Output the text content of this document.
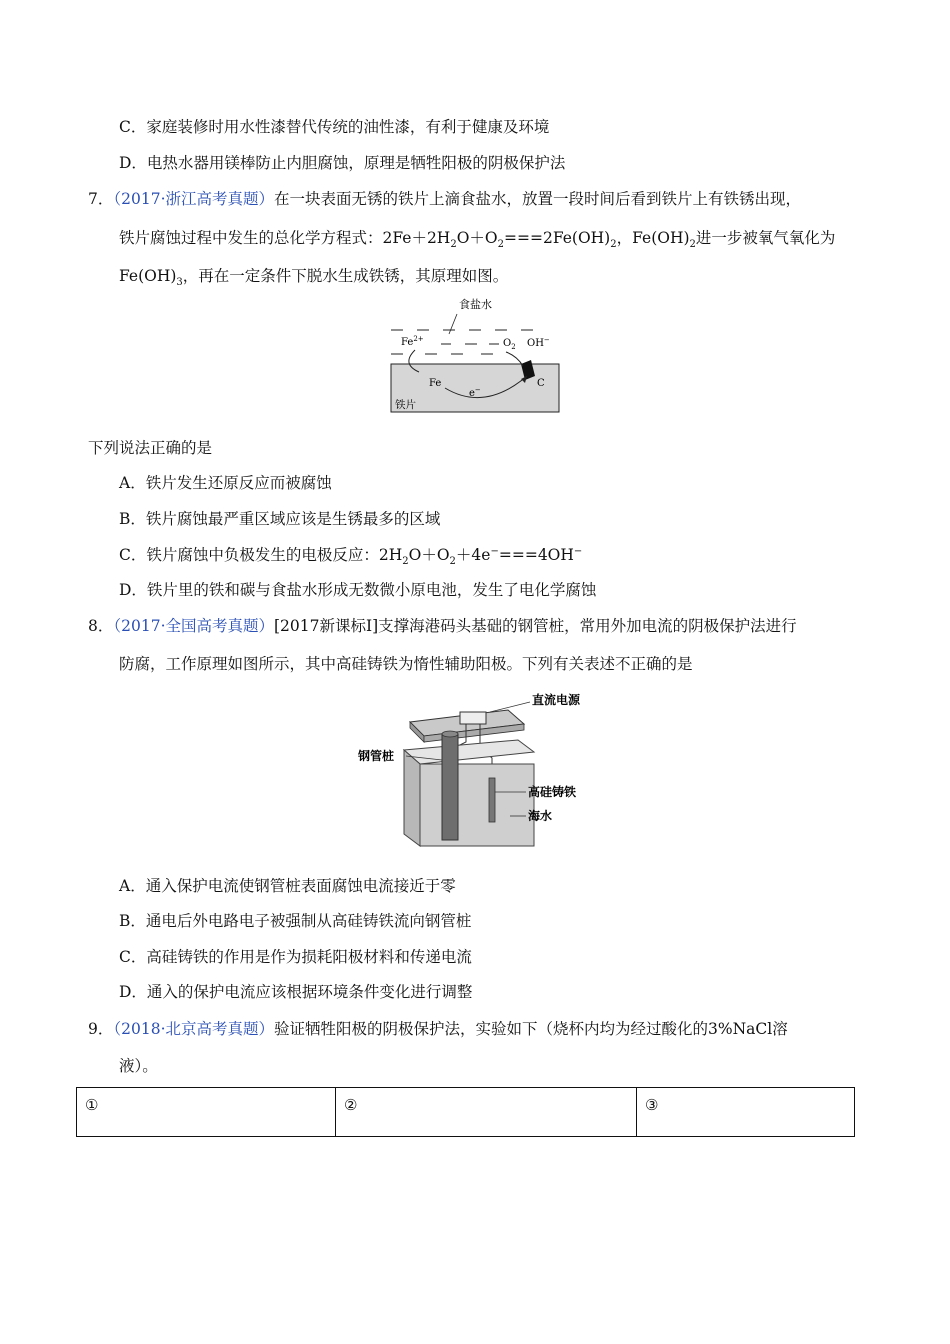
C．家庭装修时用水性漆替代传统的油性漆，有利于健康及环境
D．电热水器用镁棒防止内胆腐蚀，原理是牺牲阳极的阴极保护法
7．（2017·浙江高考真题）在一块表面无锈的铁片上滴食盐水，放置一段时间后看到铁片上有铁锈出现，
铁片腐蚀过程中发生的总化学方程式：$2Fe+2H_2O+O_2===2Fe(OH)_2$，$Fe(OH)_2$进一步被氧气氧化为
$Fe(OH)_3$，再在一定条件下脱水生成铁锈，其原理如图。
食盐水
$Fe^{2+}$	$O_2$ OH−
Fe
e−
C
铁片
下列说法正确的是
A．铁片发生还原反应而被腐蚀
B．铁片腐蚀最严重区域应该是生锈最多的区域
C．铁片腐蚀中负极发生的电极反应：$2H_2O+O_2+4e^-===4OH^-$
D．铁片里的铁和碳与食盐水形成无数微小原电池，发生了电化学腐蚀
8．（2017·全国高考真题）[2017新课标Ⅰ]支撑海港码头基础的钢管桩，常用外加电流的阴极保护法进行
防腐，工作原理如图所示，其中高硅铸铁为惰性辅助阳极。下列有关表述不正确的是
直流电源
钢管桩
高硅铸铁
海水
A．通入保护电流使钢管桩表面腐蚀电流接近于零
B．通电后外电路电子被强制从高硅铸铁流向钢管桩
C．高硅铸铁的作用是作为损耗阳极材料和传递电流
D．通入的保护电流应该根据环境条件变化进行调整
9．（2018·北京高考真题）验证牺牲阳极的阴极保护法，实验如下（烧杯内均为经过酸化的3%NaCl溶
液）。
①	②	③
